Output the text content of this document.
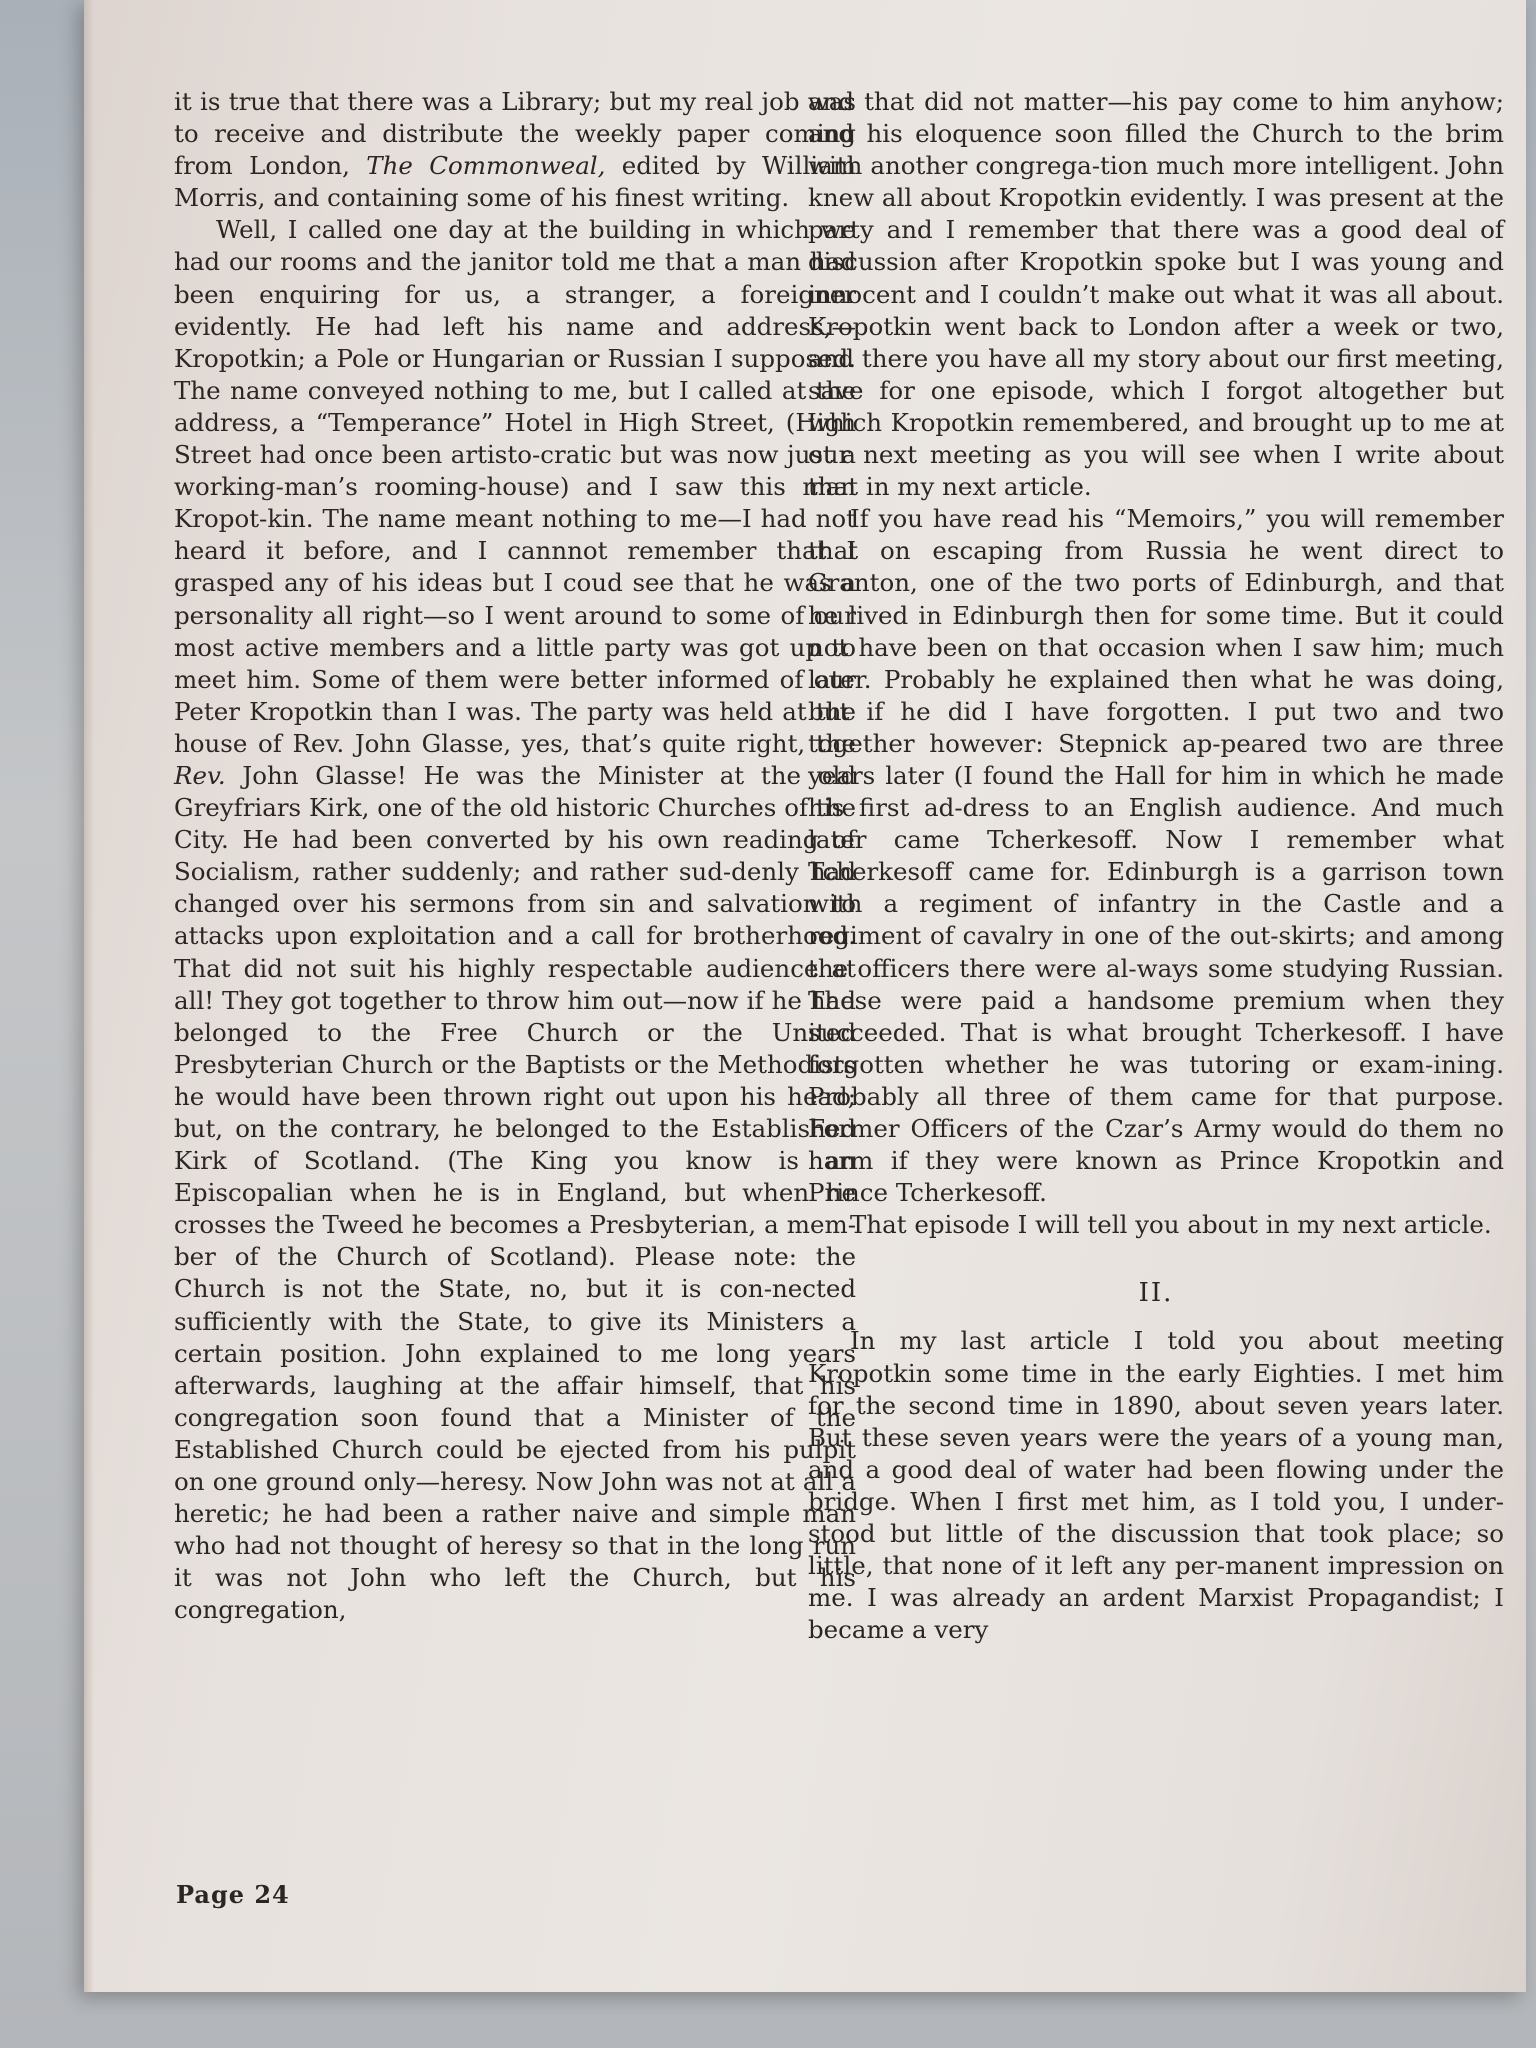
it is true that there was a Library; but my real job was to receive and distribute the weekly paper coming from London, The Commonweal, edited by William Morris, and containing some of his finest writing.

Well, I called one day at the building in which we had our rooms and the janitor told me that a man had been enquiring for us, a stranger, a foreigner evidently. He had left his name and address,—Kropotkin; a Pole or Hungarian or Russian I supposed. The name conveyed nothing to me, but I called at the address, a “Temperance” Hotel in High Street, (High Street had once been artisto-cratic but was now just a working-man’s rooming-house) and I saw this man Kropot-kin. The name meant nothing to me—I had not heard it before, and I cannnot remember that I grasped any of his ideas but I coud see that he was a personality all right—so I went around to some of our most active members and a little party was got up to meet him. Some of them were better informed of our Peter Kropotkin than I was. The party was held at the house of Rev. John Glasse, yes, that’s quite right, the Rev. John Glasse! He was the Minister at the old Greyfriars Kirk, one of the old historic Churches of the City. He had been converted by his own reading of Socialism, rather suddenly; and rather sud-denly had changed over his sermons from sin and salvation to attacks upon exploitation and a call for brotherhood. That did not suit his highly respectable audience at all! They got together to throw him out—now if he had belonged to the Free Church or the United Presbyterian Church or the Baptists or the Methodists he would have been thrown right out upon his head; but, on the contrary, he belonged to the Established Kirk of Scotland. (The King you know is an Episcopalian when he is in England, but when he crosses the Tweed he becomes a Presbyterian, a mem-ber of the Church of Scotland). Please note: the Church is not the State, no, but it is con-nected sufficiently with the State, to give its Ministers a certain position. John explained to me long years afterwards, laughing at the affair himself, that his congregation soon found that a Minister of the Established Church could be ejected from his pulpit on one ground only—heresy. Now John was not at all a heretic; he had been a rather naive and simple man who had not thought of heresy so that in the long run it was not John who left the Church, but his congregation,

and that did not matter—his pay come to him anyhow; and his eloquence soon filled the Church to the brim with another congrega-tion much more intelligent. John knew all about Kropotkin evidently. I was present at the party and I remember that there was a good deal of discussion after Kropotkin spoke but I was young and innocent and I couldn’t make out what it was all about. Kropotkin went back to London after a week or two, and there you have all my story about our first meeting, save for one episode, which I forgot altogether but which Kropotkin remembered, and brought up to me at our next meeting as you will see when I write about that in my next article.

If you have read his “Memoirs,” you will remember that on escaping from Russia he went direct to Granton, one of the two ports of Edinburgh, and that he lived in Edinburgh then for some time. But it could not have been on that occasion when I saw him; much later. Probably he explained then what he was doing, but if he did I have forgotten. I put two and two together however: Stepnick ap-peared two are three years later (I found the Hall for him in which he made his first ad-dress to an English audience. And much later came Tcherkesoff. Now I remember what Tcherkesoff came for. Edinburgh is a garrison town with a regiment of infantry in the Castle and a regiment of cavalry in one of the out-skirts; and among the officers there were al-ways some studying Russian. These were paid a handsome premium when they succeeded. That is what brought Tcherkesoff. I have forgotten whether he was tutoring or exam-ining. Probably all three of them came for that purpose. Former Officers of the Czar’s Army would do them no harm if they were known as Prince Kropotkin and Prince Tcherkesoff.

That episode I will tell you about in my next article.

II.

In my last article I told you about meeting Kropotkin some time in the early Eighties. I met him for the second time in 1890, about seven years later. But these seven years were the years of a young man, and a good deal of water had been flowing under the bridge. When I first met him, as I told you, I under-stood but little of the discussion that took place; so little, that none of it left any per-manent impression on me. I was already an ardent Marxist Propagandist; I became a very

Page 24
